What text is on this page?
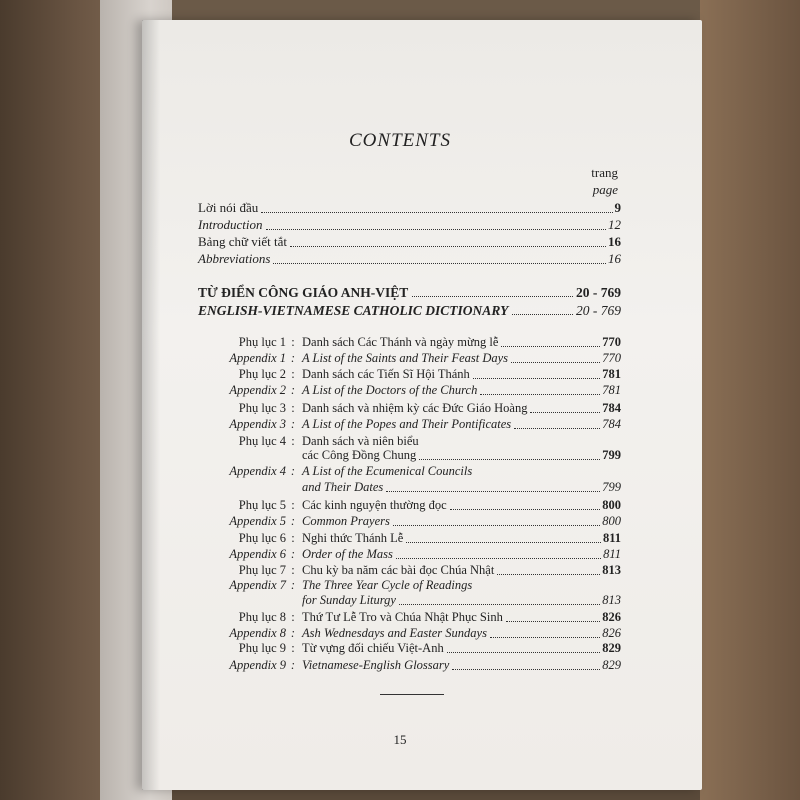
CONTENTS
trang
page
Lời nói đầu	9
Introduction	12
Bảng chữ viết tắt	16
Abbreviations	16
TỪ ĐIỂN CÔNG GIÁO ANH-VIỆT	20 - 769
ENGLISH-VIETNAMESE CATHOLIC DICTIONARY	20 - 769
Phụ lục 1 : Danh sách Các Thánh và ngày mừng lễ	770
Appendix 1 : A List of the Saints and Their Feast Days	770
Phụ lục 2 : Danh sách các Tiến Sĩ Hội Thánh	781
Appendix 2 : A List of the Doctors of the Church	781
Phụ lục 3 : Danh sách và nhiệm kỳ các Đức Giáo Hoàng	784
Appendix 3 : A List of the Popes and Their Pontificates	784
Phụ lục 4 : Danh sách và niên biểu
các Công Đồng Chung	799
Appendix 4 : A List of the Ecumenical Councils
and Their Dates	799
Phụ lục 5 : Các kinh nguyện thường đọc	800
Appendix 5 : Common Prayers	800
Phụ lục 6 : Nghi thức Thánh Lễ	811
Appendix 6 : Order of the Mass	811
Phụ lục 7 : Chu kỳ ba năm các bài đọc Chúa Nhật	813
Appendix 7 : The Three Year Cycle of Readings
for Sunday Liturgy	813
Phụ lục 8 : Thứ Tư Lễ Tro và Chúa Nhật Phục Sinh	826
Appendix 8 : Ash Wednesdays and Easter Sundays	826
Phụ lục 9 : Từ vựng đối chiếu Việt-Anh	829
Appendix 9 : Vietnamese-English Glossary	829
15
